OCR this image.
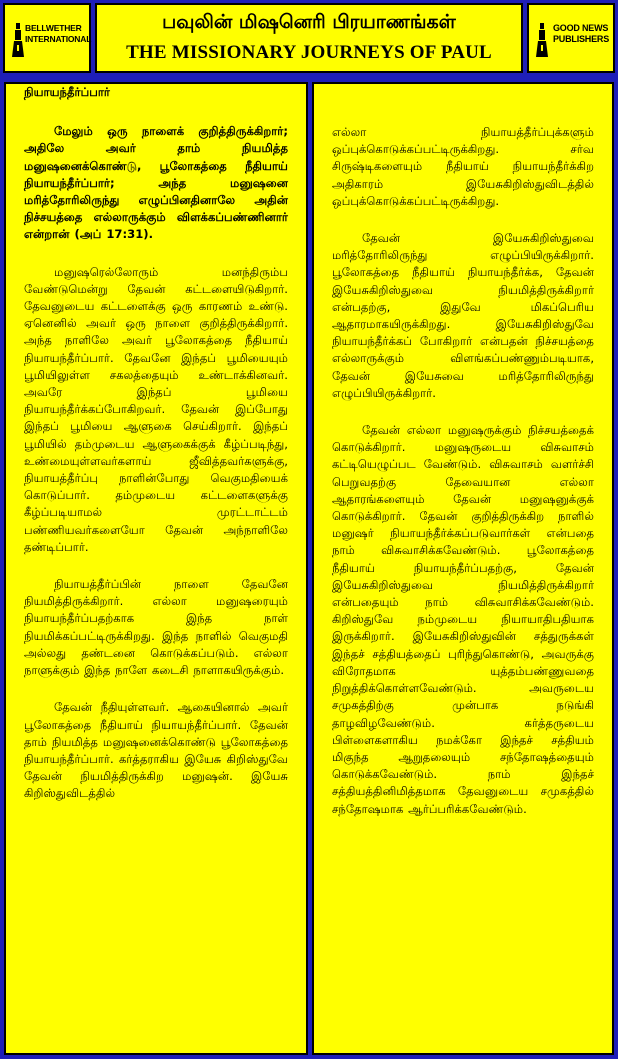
BELLWETHER
INTERNATIONAL
பவுலின் மிஷனெரி பிரயாணங்கள்
THE MISSIONARY JOURNEYS OF PAUL
GOOD NEWS
PUBLISHERS

நியாயந்தீர்ப்பார்

மேலும் ஒரு நாளைக் குறித்திருக்கிறார்; அதிலே அவர் தாம் நியமித்த மனுஷனைக்கொண்டு, பூலோகத்தை நீதியாய் நியாயந்தீர்ப்பார்; அந்த மனுஷனை மரித்தோரிலிருந்து எழுப்பினதினாலே அதின் நிச்சயத்தை எல்லாருக்கும் விளக்கப்பண்ணினார் என்றான் (அப் 17:31).

மனுஷரெல்லோரும் மனந்திரும்ப வேண்டுமென்று தேவன் கட்டளையிடுகிறார். தேவனுடைய கட்டளைக்கு ஒரு காரணம் உண்டு. ஏனெனில் அவர் ஒரு நாளை குறித்திருக்கிறார். அந்த நாளிலே அவர் பூலோகத்தை நீதியாய் நியாயந்தீர்ப்பார். தேவனே இந்தப் பூமியையும் பூமியிலுள்ள சகலத்தையும் உண்டாக்கினவர். அவரே இந்தப் பூமியை நியாயந்தீர்க்கப்போகிறவர். தேவன் இப்போது இந்தப் பூமியை ஆளுகை செய்கிறார். இந்தப் பூமியில் தம்முடைய ஆளுகைக்குக் கீழ்ப்படிந்து, உண்மையுள்ளவர்களாய் ஜீவித்தவர்களுக்கு, நியாயத்தீர்ப்பு நாளின்போது வெகுமதியைக் கொடுப்பார். தம்முடைய கட்டளைகளுக்கு கீழ்ப்படியாமல் முரட்டாட்டம் பண்ணியவர்களையோ தேவன் அந்நாளிலே தண்டிப்பார்.

நியாயத்தீர்ப்பின் நாளை தேவனே நியமித்திருக்கிறார். எல்லா மனுஷரையும் நியாயந்தீர்ப்பதற்காக இந்த நாள் நியமிக்கப்பட்டிருக்கிறது. இந்த நாளில் வெகுமதி அல்லது தண்டனை கொடுக்கப்படும். எல்லா நாளுக்கும் இந்த நாளே கடைசி நாளாகயிருக்கும்.

தேவன் நீதியுள்ளவர். ஆகையினால் அவர் பூலோகத்தை நீதியாய் நியாயந்தீர்ப்பார். தேவன் தாம் நியமித்த மனுஷனைக்கொண்டு பூலோகத்தை நியாயந்தீர்ப்பார். கர்த்தராகிய இயேசு கிறிஸ்துவே தேவன் நியமித்திருக்கிற மனுஷன். இயேசு கிறிஸ்துவிடத்தில்

எல்லா நியாயத்தீர்ப்புக்களும் ஒப்புக்கொடுக்கப்பட்டிருக்கிறது. சர்வ சிருஷ்டிகளையும் நீதியாய் நியாயந்தீர்க்கிற அதிகாரம் இயேசுகிறிஸ்துவிடத்தில் ஒப்புக்கொடுக்கப்பட்டிருக்கிறது.

தேவன் இயேசுகிறிஸ்துவை மரித்தோரிலிருந்து எழுப்பியிருக்கிறார். பூலோகத்தை நீதியாய் நியாயந்தீர்க்க, தேவன் இயேசுகிறிஸ்துவை நியமித்திருக்கிறார் என்பதற்கு, இதுவே மிகப்பெரிய ஆதாரமாகயிருக்கிறது. இயேசுகிறிஸ்துவே நியாயந்தீர்க்கப் போகிறார் என்பதன் நிச்சயத்தை எல்லாருக்கும் விளங்கப்பண்ணும்படியாக, தேவன் இயேசுவை மரித்தோரிலிருந்து எழுப்பியிருக்கிறார்.

தேவன் எல்லா மனுஷருக்கும் நிச்சயத்தைக் கொடுக்கிறார். மனுஷருடைய விசுவாசம் கட்டியெழுப்பட வேண்டும். விசுவாசம் வளர்ச்சி பெறுவதற்கு தேவையான எல்லா ஆதாரங்களையும் தேவன் மனுஷனுக்குக் கொடுக்கிறார். தேவன் குறித்திருக்கிற நாளில் மனுஷர் நியாயந்தீர்க்கப்படுவார்கள் என்பதை நாம் விசுவாசிக்கவேண்டும். பூலோகத்தை நீதியாய் நியாயந்தீர்ப்பதற்கு, தேவன் இயேசுகிறிஸ்துவை நியமித்திருக்கிறார் என்பதையும் நாம் விசுவாசிக்கவேண்டும். கிறிஸ்துவே நம்முடைய நியாயாதிபதியாக இருக்கிறார். இயேசுகிறிஸ்துவின் சத்துருக்கள் இந்தச் சத்தியத்தைப் புரிந்துகொண்டு, அவருக்கு விரோதமாக யுத்தம்பண்ணுவதை நிறுத்திக்கொள்ளவேண்டும். அவருடைய சமுகத்திற்கு முன்பாக நடுங்கி தாழவிழவேண்டும். கர்த்தருடைய பிள்ளைகளாகிய நமக்கோ இந்தச் சத்தியம் மிகுந்த ஆறுதலையும் சந்தோஷத்தையும் கொடுக்கவேண்டும். நாம் இந்தச் சத்தியத்தினிமித்தமாக தேவனுடைய சமுகத்தில் சந்தோஷமாக ஆர்ப்பரிக்கவேண்டும்.
